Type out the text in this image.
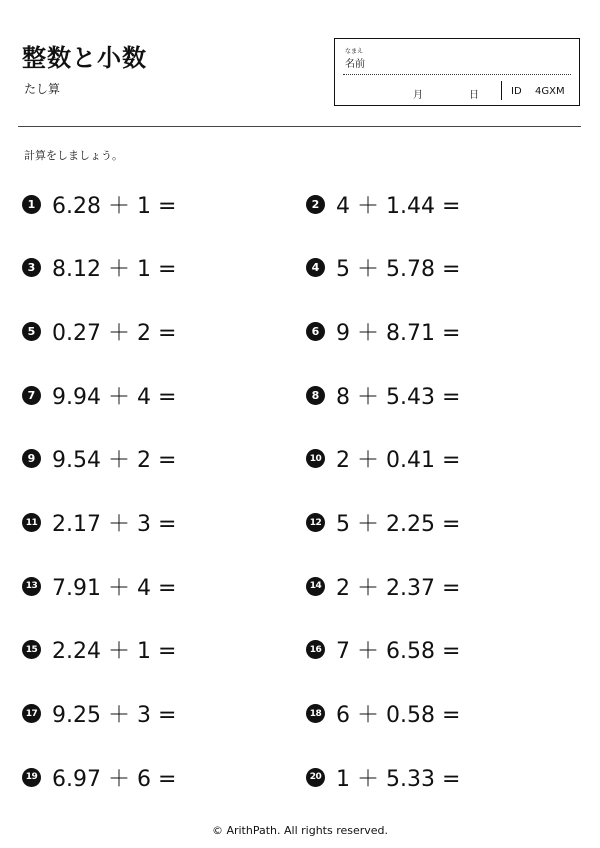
整数と小数
たし算
なまえ
名前
月	日	ID 4GXM
計算をしましょう。
1 6.28 ＋ 1 =	2 4 ＋ 1.44 =
3 8.12 ＋ 1 =	4 5 ＋ 5.78 =
5 0.27 ＋ 2 =	6 9 ＋ 8.71 =
7 9.94 ＋ 4 =	8 8 ＋ 5.43 =
9 9.54 ＋ 2 =	10 2 ＋ 0.41 =
11 2.17 ＋ 3 =	12 5 ＋ 2.25 =
13 7.91 ＋ 4 =	14 2 ＋ 2.37 =
15 2.24 ＋ 1 =	16 7 ＋ 6.58 =
17 9.25 ＋ 3 =	18 6 ＋ 0.58 =
19 6.97 ＋ 6 =	20 1 ＋ 5.33 =
© ArithPath. All rights reserved.
